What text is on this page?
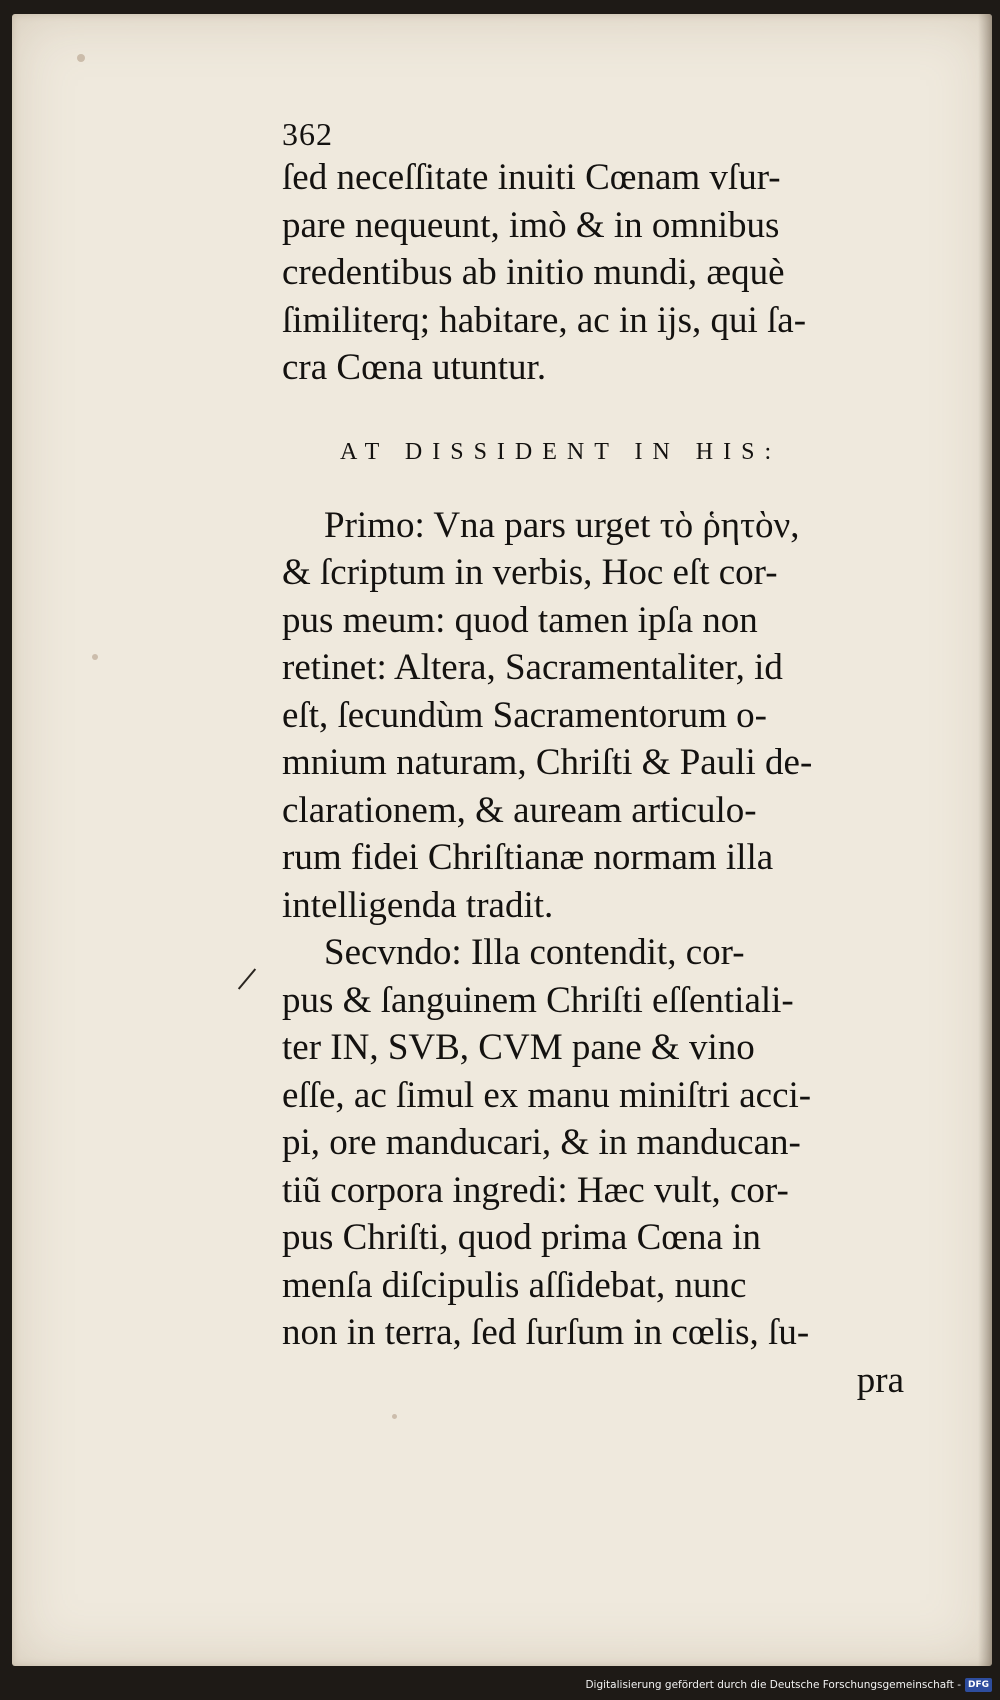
362
ſed neceſſitate inuiti Cœnam vſur-
pare nequeunt, imò & in omnibus
credentibus ab initio mundi, æquè
ſimiliterq; habitare, ac in ijs, qui ſa-
cra Cœna utuntur.
AT DISSIDENT IN HIS:
Primo: Vna pars urget τὸ ῥητὸν,
& ſcriptum in verbis, Hoc eſt cor-
pus meum: quod tamen ipſa non
retinet: Altera, Sacramentaliter, id
eſt, ſecundùm Sacramentorum o-
mnium naturam, Chriſti & Pauli de-
clarationem, & auream articulo-
rum fidei Chriſtianæ normam illa
intelligenda tradit.
Secvndo: Illa contendit, cor-
pus & ſanguinem Chriſti eſſentiali-
ter IN, SVB, CVM pane & vino
eſſe, ac ſimul ex manu miniſtri acci-
pi, ore manducari, & in manducan-
tiũ corpora ingredi: Hæc vult, cor-
pus Chriſti, quod prima Cœna in
menſa diſcipulis aſſidebat, nunc
non in terra, ſed ſurſum in cœlis, ſu-
pra
Digitalisierung gefördert durch die Deutsche Forschungsgemeinschaft - DFG
